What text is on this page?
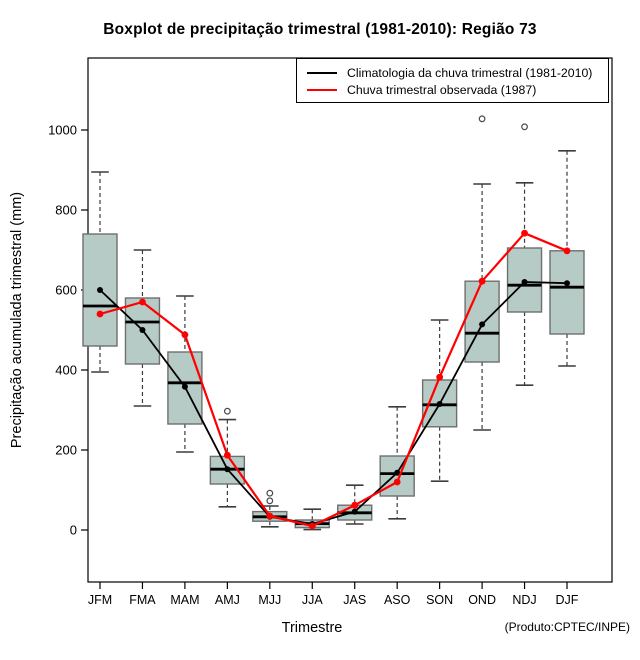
0
200
400
600
800
1000
JFM FMA MAM AMJ MJJ JJA JAS ASO SON OND NDJ DJF
Boxplot de precipitação trimestral (1981-2010): Região 73
Precipitação acumulada trimestral (mm)
Trimestre	(Produto:CPTEC/INPE)
Climatologia da chuva trimestral (1981-2010)
Chuva trimestral observada (1987)
